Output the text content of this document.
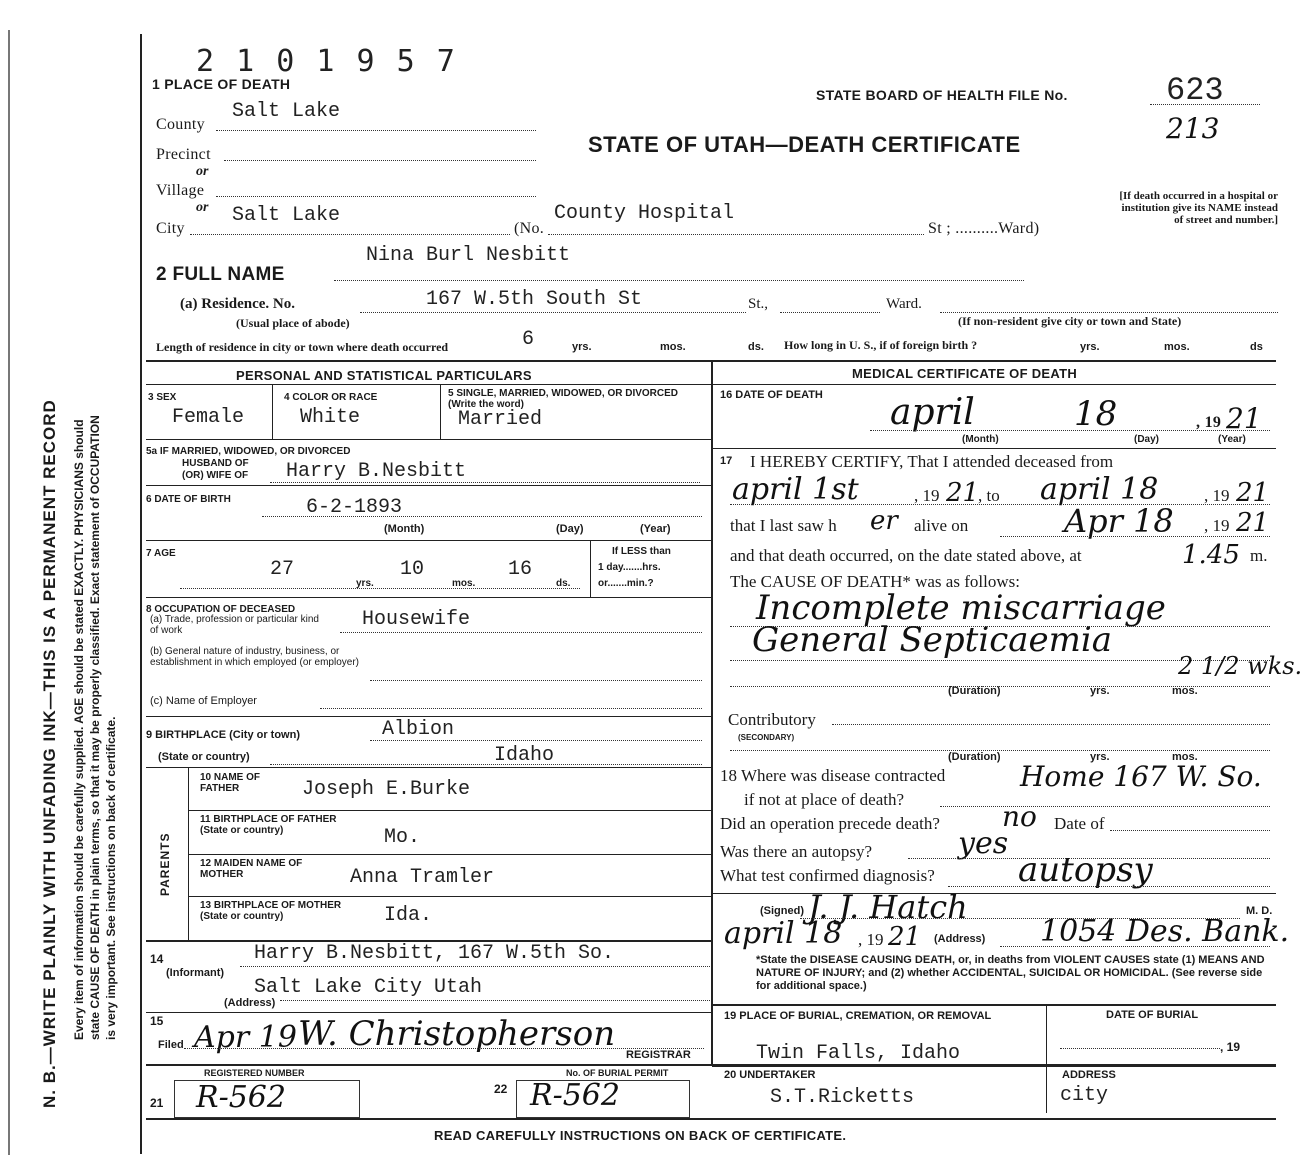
N. B.—WRITE PLAINLY WITH UNFADING INK—THIS IS A PERMANENT RECORD Every item of information should be carefully supplied. AGE should be stated EXACTLY. PHYSICIANS should state CAUSE OF DEATH in plain terms, so that it may be properly classified. Exact statement of OCCUPATION is very important. See instructions on back of certificate.
2 1 0 1 9 5 7
1 PLACE OF DEATH
STATE BOARD OF HEALTH FILE No.	623
213
STATE OF UTAH—DEATH CERTIFICATE
County
Salt Lake
Precinct
or
Village
or
City
Salt Lake
(No.
County Hospital
St ; ..........Ward)
[If death occurred in a hospital or institution give its NAME instead of street and number.]
2 FULL NAME
Nina Burl Nesbitt
(a) Residence. No.	167 W.5th South St	St.,	Ward.
(Usual place of abode)	(If non-resident give city or town and State)
Length of residence in city or town where death occurred	6	yrs.	mos.	ds. How long in U. S., if of foreign birth ?	yrs.	mos.	ds
PERSONAL AND STATISTICAL PARTICULARS	MEDICAL CERTIFICATE OF DEATH
3 SEX
Female
4 COLOR OR RACE
White
5 SINGLE, MARRIED, WIDOWED, OR DIVORCED (Write the word)
Married
5a IF MARRIED, WIDOWED, OR DIVORCED
HUSBAND OF
(OR) WIFE OF Harry B.Nesbitt
6 DATE OF BIRTH	6-2-1893
(Month)	(Day)	(Year)
7 AGE
27
yrs.
10
mos.
16
ds.
If LESS than
1 day.......hrs.
or.......min.?
8 OCCUPATION OF DECEASED
(a) Trade, profession or particular kind of work	Housewife
(b) General nature of industry, business, or establishment in which employed (or employer)
(c) Name of Employer
9 BIRTHPLACE (City or town)	Albion
(State or country)	Idaho
PARENTS
10 NAME OF FATHER	Joseph E.Burke
11 BIRTHPLACE OF FATHER (State or country)	Mo.
12 MAIDEN NAME OF MOTHER	Anna Tramler
13 BIRTHPLACE OF MOTHER (State or country)	Ida.
14	Harry B.Nesbitt, 167 W.5th So.
(Informant)
Salt Lake City Utah
(Address)
15
Filed Apr 19 W. Christopherson
REGISTRAR
REGISTERED NUMBER
21 R-562
No. OF BURIAL PERMIT
22 R-562
16 DATE OF DEATH april	18	, 19 21
(Month)	(Day)	(Year)
17 I HEREBY CERTIFY, That I attended deceased from
april 1st	, 19 21
, to april 18	, 19 21
that I last saw h er alive on	Apr 18 , 19 21
and that death occurred, on the date stated above, at	1.45 m.
The CAUSE OF DEATH* was as follows:
Incomplete miscarriage
General Septicaemia
(Duration)	yrs.	mos.
2 1/2 wks.
Contributory
(SECONDARY)
(Duration)	yrs.	mos.
18 Where was disease contracted
if not at place of death?
Home 167 W. So.
Did an operation precede death? no Date of
Was there an autopsy?	yes
What test confirmed diagnosis? autopsy
(Signed) J. J. Hatch	M. D.
april 18 , 19 21 (Address) 1054 Des. Bank.
*State the DISEASE CAUSING DEATH, or, in deaths from VIOLENT CAUSES state (1) MEANS AND NATURE OF INJURY; and (2) whether ACCIDENTAL, SUICIDAL OR HOMICIDAL. (See reverse side for additional space.)
19 PLACE OF BURIAL, CREMATION, OR REMOVAL
Twin Falls, Idaho
DATE OF BURIAL
, 19
20 UNDERTAKER
S.T.Ricketts
ADDRESS
city
READ CAREFULLY INSTRUCTIONS ON BACK OF CERTIFICATE.
